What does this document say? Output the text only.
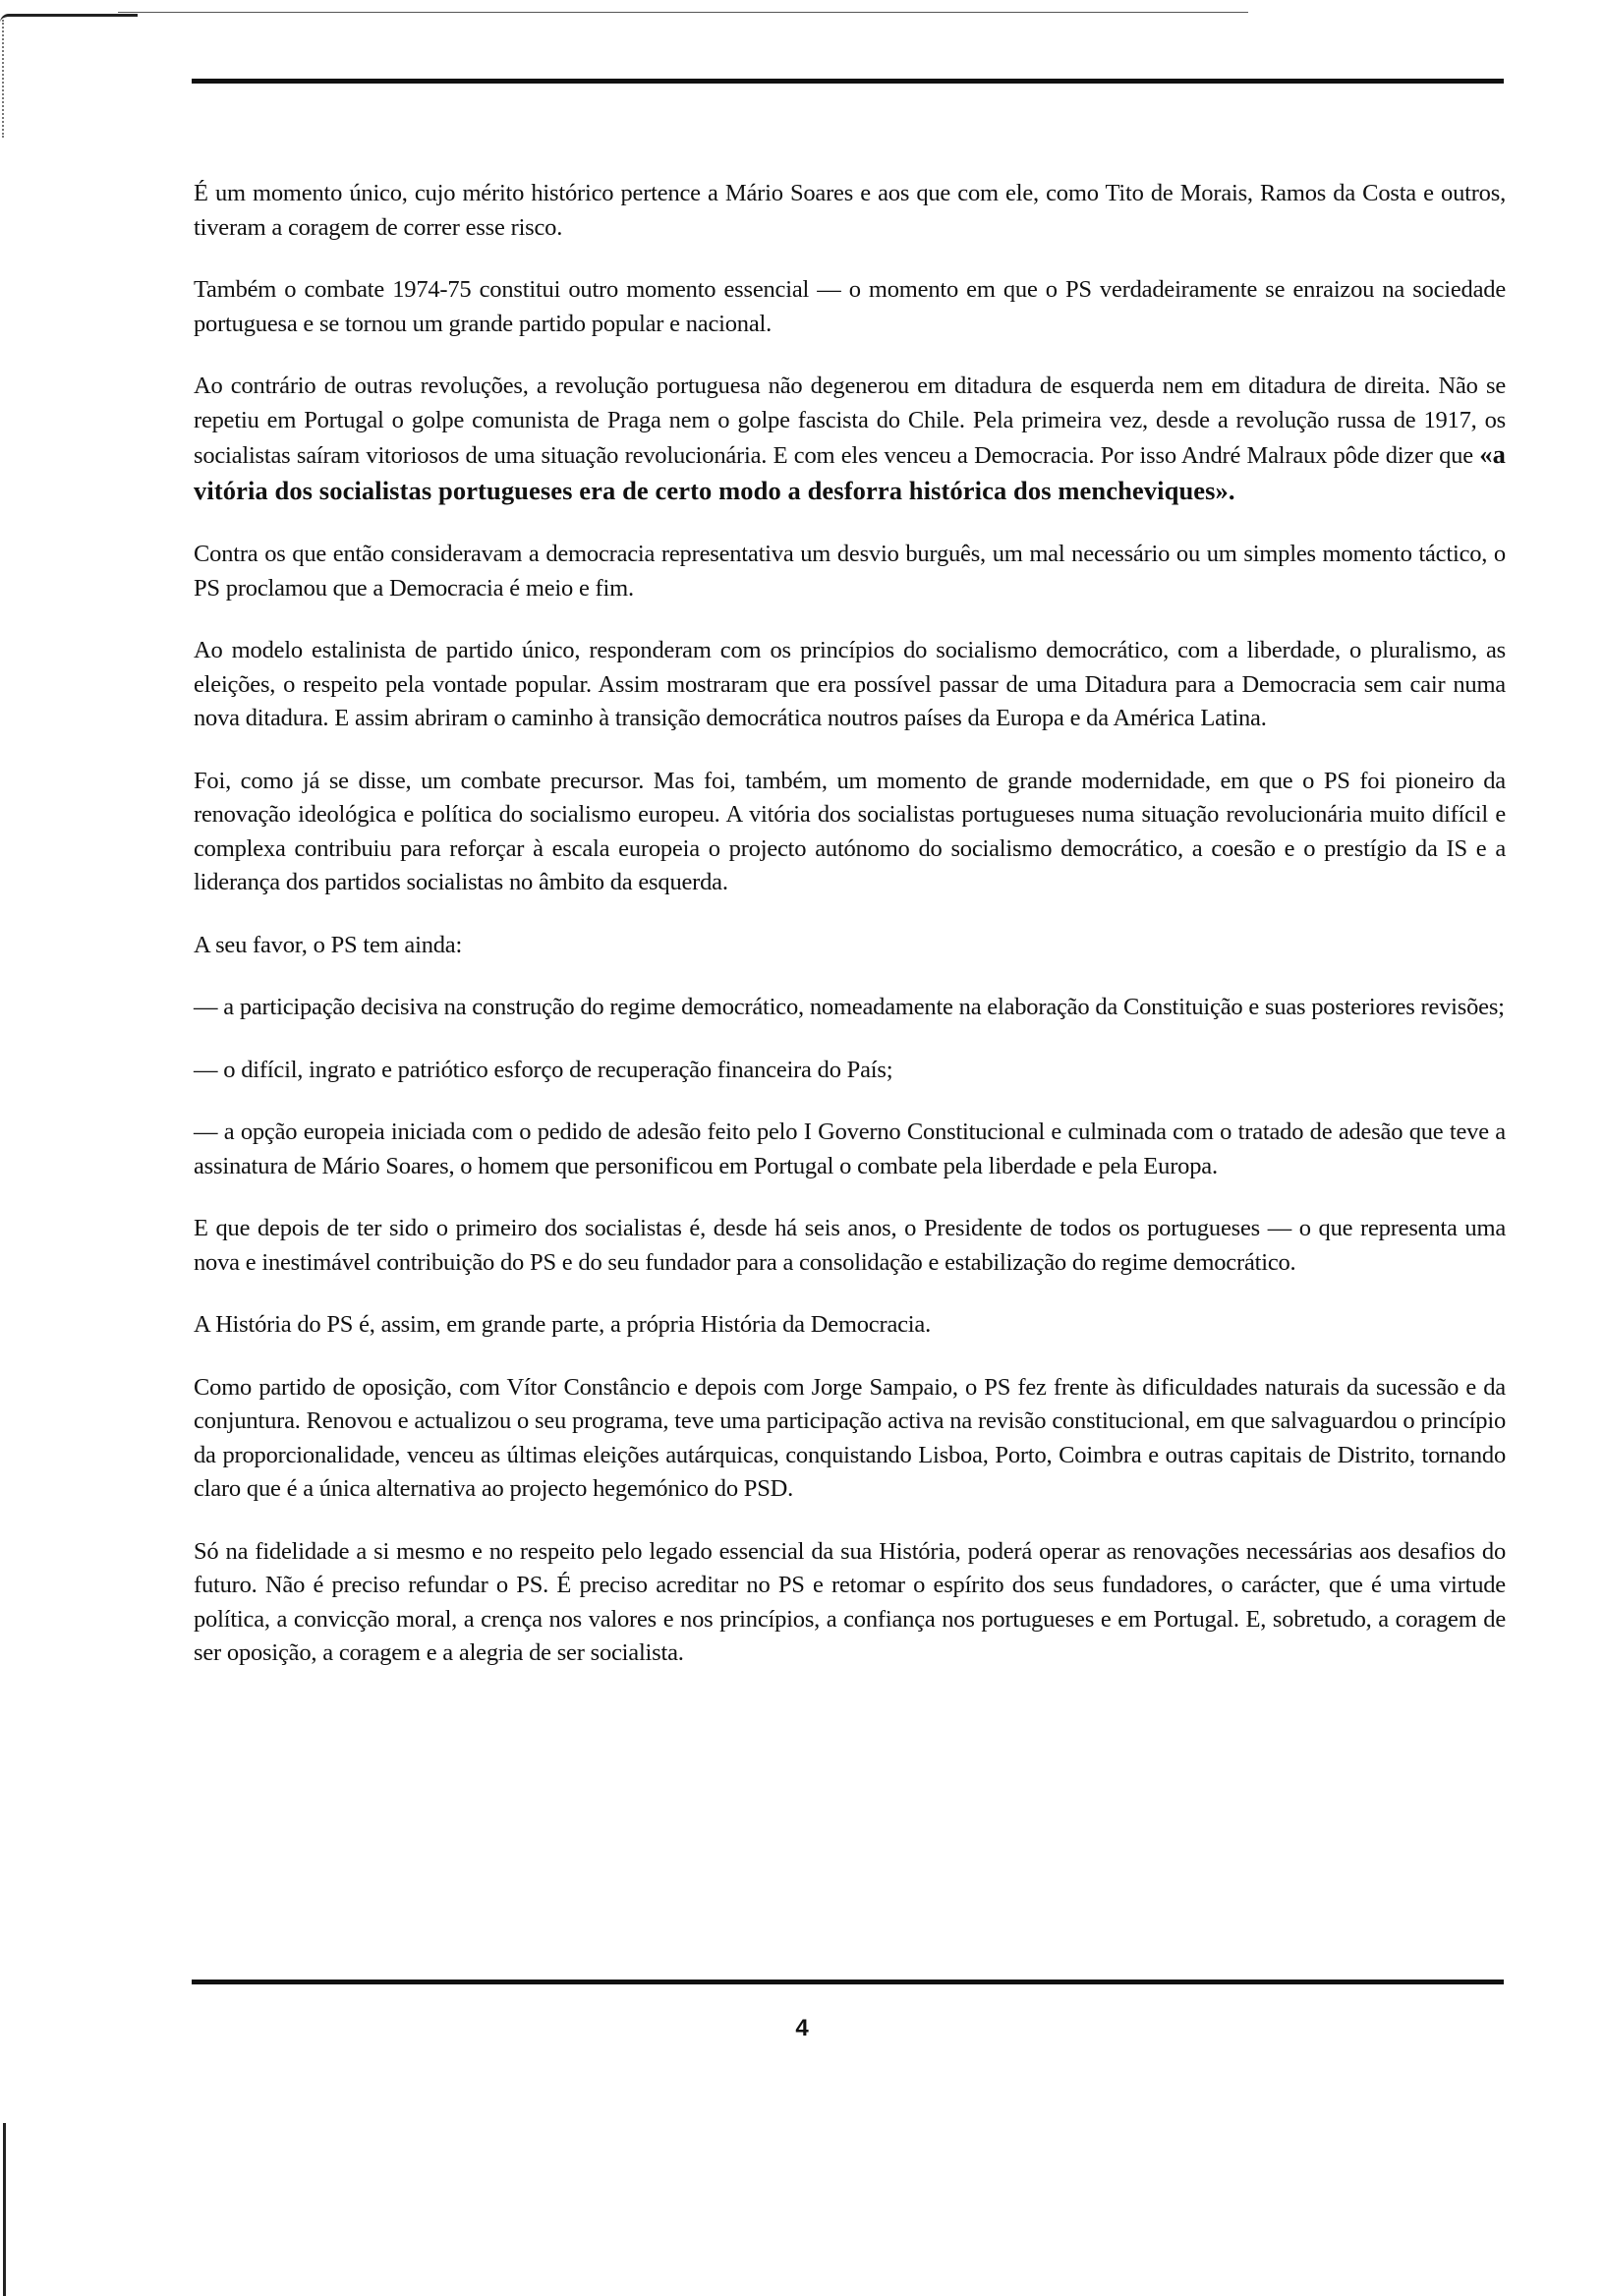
É um momento único, cujo mérito histórico pertence a Mário Soares e aos que com ele, como Tito de Morais, Ramos da Costa e outros, tiveram a coragem de correr esse risco.

Também o combate 1974-75 constitui outro momento essencial — o momento em que o PS verdadeiramente se enraizou na sociedade portuguesa e se tornou um grande partido popular e nacional.

Ao contrário de outras revoluções, a revolução portuguesa não degenerou em ditadura de esquerda nem em ditadura de direita. Não se repetiu em Portugal o golpe comunista de Praga nem o golpe fascista do Chile. Pela primeira vez, desde a revolução russa de 1917, os socialistas saíram vitoriosos de uma situação revolucionária. E com eles venceu a Democracia. Por isso André Malraux pôde dizer que «a vitória dos socialistas portugueses era de certo modo a desforra histórica dos mencheviques».

Contra os que então consideravam a democracia representativa um desvio burguês, um mal necessário ou um simples momento táctico, o PS proclamou que a Democracia é meio e fim.

Ao modelo estalinista de partido único, responderam com os princípios do socialismo democrático, com a liberdade, o pluralismo, as eleições, o respeito pela vontade popular. Assim mostraram que era possível passar de uma Ditadura para a Democracia sem cair numa nova ditadura. E assim abriram o caminho à transição democrática noutros países da Europa e da América Latina.

Foi, como já se disse, um combate precursor. Mas foi, também, um momento de grande modernidade, em que o PS foi pioneiro da renovação ideológica e política do socialismo europeu. A vitória dos socialistas portugueses numa situação revolucionária muito difícil e complexa contribuiu para reforçar à escala europeia o projecto autónomo do socialismo democrático, a coesão e o prestígio da IS e a liderança dos partidos socialistas no âmbito da esquerda.

A seu favor, o PS tem ainda:

— a participação decisiva na construção do regime democrático, nomeadamente na elaboração da Constituição e suas posteriores revisões;

— o difícil, ingrato e patriótico esforço de recuperação financeira do País;

— a opção europeia iniciada com o pedido de adesão feito pelo I Governo Constitucional e culminada com o tratado de adesão que teve a assinatura de Mário Soares, o homem que personificou em Portugal o combate pela liberdade e pela Europa.

E que depois de ter sido o primeiro dos socialistas é, desde há seis anos, o Presidente de todos os portugueses — o que representa uma nova e inestimável contribuição do PS e do seu fundador para a consolidação e estabilização do regime democrático.

A História do PS é, assim, em grande parte, a própria História da Democracia.

Como partido de oposição, com Vítor Constâncio e depois com Jorge Sampaio, o PS fez frente às dificuldades naturais da sucessão e da conjuntura. Renovou e actualizou o seu programa, teve uma participação activa na revisão constitucional, em que salvaguardou o princípio da proporcionalidade, venceu as últimas eleições autárquicas, conquistando Lisboa, Porto, Coimbra e outras capitais de Distrito, tornando claro que é a única alternativa ao projecto hegemónico do PSD.

Só na fidelidade a si mesmo e no respeito pelo legado essencial da sua História, poderá operar as renovações necessárias aos desafios do futuro. Não é preciso refundar o PS. É preciso acreditar no PS e retomar o espírito dos seus fundadores, o carácter, que é uma virtude política, a convicção moral, a crença nos valores e nos princípios, a confiança nos portugueses e em Portugal. E, sobretudo, a coragem de ser oposição, a coragem e a alegria de ser socialista.

4
